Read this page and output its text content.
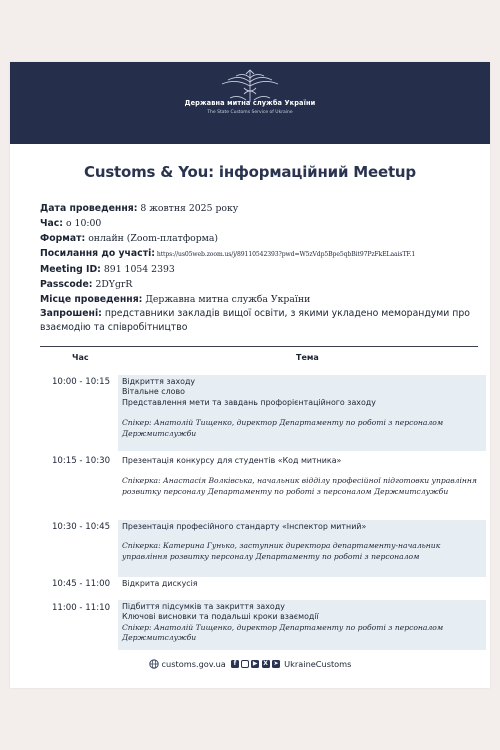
Державна митна служба України
The State Customs Service of Ukraine
Customs & You: інформаційний Meetup
Дата проведення: 8 жовтня 2025 року
Час: о 10:00
Формат: онлайн (Zoom-платформа)
Посилання до участі: https://us05web.zoom.us/j/89110542393?pwd=W5zVdp5Bpe5qbBit97PzFkELaaisTF.1
Meeting ID: 891 1054 2393
Passcode: 2DYgrR
Місце проведення: Державна митна служба України
Запрошені: представники закладів вищої освіти, з якими укладено меморандуми про взаємодію та співробітництво
Час	Тема
10:00 - 10:15	Відкриття заходу
Вітальне слово
Представлення мети та завдань профорієнтаційного заходу
Спікер: Анатолій Тищенко, директор Департаменту по роботі з персоналом Держмитслужби
10:15 - 10:30	Презентація конкурсу для студентів «Код митника»
Спікерка: Анастасія Волківська, начальник відділу професійної підготовки управління розвитку персоналу Департаменту по роботі з персоналом Держмитслужби
10:30 - 10:45	Презентація професійного стандарту «Інспектор митний»
Спікерка: Катерина Гунько, заступник директора департаменту-начальник управління розвитку персоналу Департаменту по роботі з персоналом
10:45 - 11:00	Відкрита дискусія
11:00 - 11:10	Підбиття підсумків та закриття заходу
Ключові висновки та подальші кроки взаємодії
Спікер: Анатолій Тищенко, директор Департаменту по роботі з персоналом Держмитслужби
customs.gov.ua	f	▶ X ➤ UkraineCustoms
